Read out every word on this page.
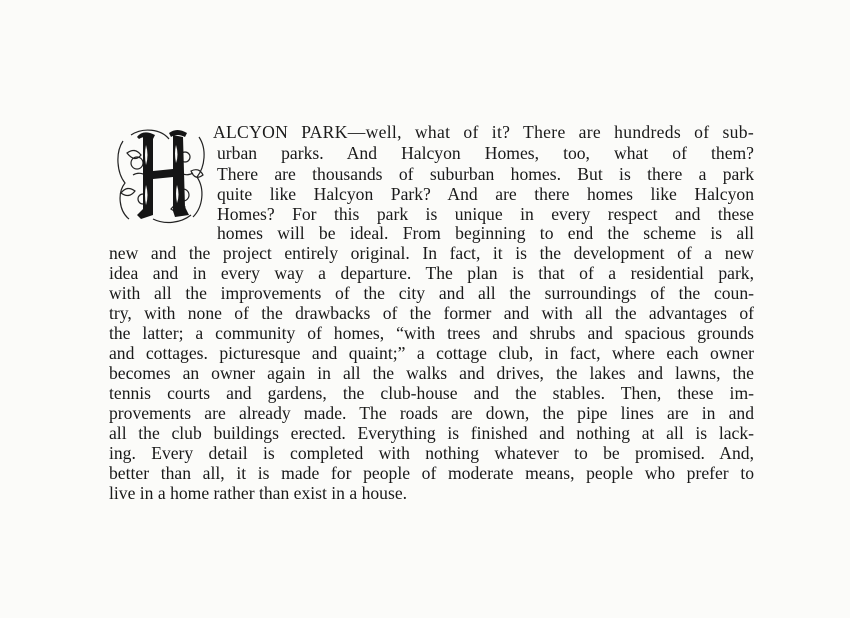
ALCYON PARK—well, what of it? There are hundreds of sub-
urban parks. And Halcyon Homes, too, what of them?
There are thousands of suburban homes. But is there a park
quite like Halcyon Park? And are there homes like Halcyon
Homes? For this park is unique in every respect and these
homes will be ideal. From beginning to end the scheme is all
new and the project entirely original. In fact, it is the development of a new
idea and in every way a departure. The plan is that of a residential park,
with all the improvements of the city and all the surroundings of the coun-
try, with none of the drawbacks of the former and with all the advantages of
the latter; a community of homes, “with trees and shrubs and spacious grounds
and cottages. picturesque and quaint;” a cottage club, in fact, where each owner
becomes an owner again in all the walks and drives, the lakes and lawns, the
tennis courts and gardens, the club-house and the stables. Then, these im-
provements are already made. The roads are down, the pipe lines are in and
all the club buildings erected. Everything is finished and nothing at all is lack-
ing. Every detail is completed with nothing whatever to be promised. And,
better than all, it is made for people of moderate means, people who prefer to
live in a home rather than exist in a house.
